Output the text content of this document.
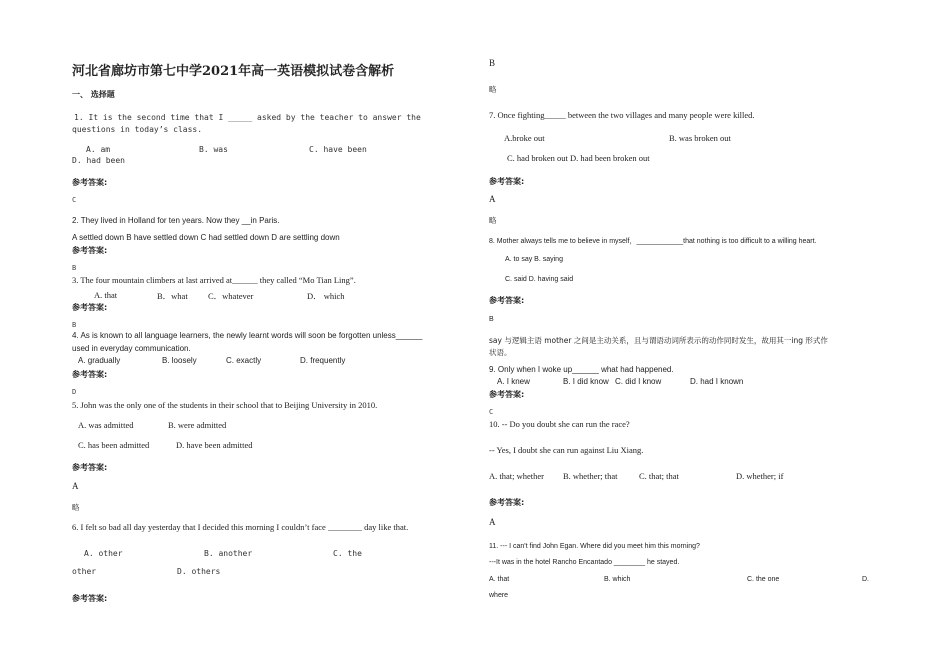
河北省廊坊市第七中学2021年高一英语模拟试卷含解析
一、 选择题
1. It is the second time that I _____ asked by the teacher to answer the
questions in today’s class.
A. am	B. was	C. have been
D. had been
参考答案:
C
2. They lived in Holland for ten years. Now they __in Paris.
A settled down B have settled down C had settled down D are settling down
参考答案:
B
3. The four mountain climbers at last arrived at______ they called “Mo Tian Ling”.
A. that	B．what C．whatever	D． which
参考答案:
B
4. As is known to all language learners, the newly learnt words will soon be forgotten unless______
used in everyday communication.
A. gradually	B. loosely	C. exactly	D. frequently
参考答案:
D
5. John was the only one of the students in their school that to Beijing University in 2010.
A. was admitted	B. were admitted
C. has been admitted	D. have been admitted
参考答案:
A
略
6. I felt so bad all day yesterday that I decided this morning I couldn’t face ________ day like that.
A. other	B. another	C. the
other	D. others
参考答案:
B
略
7. Once fighting_____ between the two villages and many people were killed.
A.broke out	B. was broken out
C. had broken out D. had been broken out
参考答案:
A
略
8. Mother always tells me to believe in myself，____________that nothing is too difficult to a willing heart.
A. to say B. saying
C. said D. having said
参考答案:
B
say 与逻辑主语 mother 之间是主动关系，且与谓语动词所表示的动作同时发生，故用其一ing 形式作
状语。
9. Only when I woke up______ what had happened.
A. I knew	B. I did know C. did I know	D. had I known
参考答案:
C
10. -- Do you doubt she can run the race?
-- Yes, I doubt she can run against Liu Xiang.
A. that; whether B. whether; that	C. that; that	D. whether; if
参考答案:
A
11. --- I can't find John Egan. Where did you meet him this morning?
---It was in the hotel Rancho Encantado ________ he stayed.
A. that	B. which	C. the one	D.
where
